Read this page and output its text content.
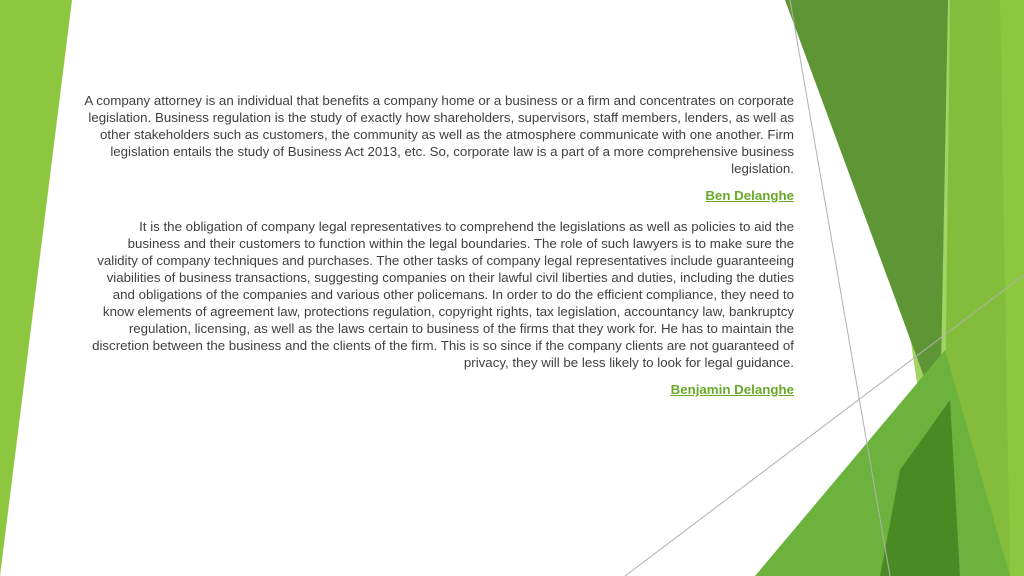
A company attorney is an individual that benefits a company home or a business or a firm and concentrates on corporate legislation. Business regulation is the study of exactly how shareholders, supervisors, staff members, lenders, as well as other stakeholders such as customers, the community as well as the atmosphere communicate with one another. Firm legislation entails the study of Business Act 2013, etc. So, corporate law is a part of a more comprehensive business legislation.

Ben Delanghe

It is the obligation of company legal representatives to comprehend the legislations as well as policies to aid the business and their customers to function within the legal boundaries. The role of such lawyers is to make sure the validity of company techniques and purchases. The other tasks of company legal representatives include guaranteeing viabilities of business transactions, suggesting companies on their lawful civil liberties and duties, including the duties and obligations of the companies and various other policemans. In order to do the efficient compliance, they need to know elements of agreement law, protections regulation, copyright rights, tax legislation, accountancy law, bankruptcy regulation, licensing, as well as the laws certain to business of the firms that they work for. He has to maintain the discretion between the business and the clients of the firm. This is so since if the company clients are not guaranteed of privacy, they will be less likely to look for legal guidance.

Benjamin Delanghe
